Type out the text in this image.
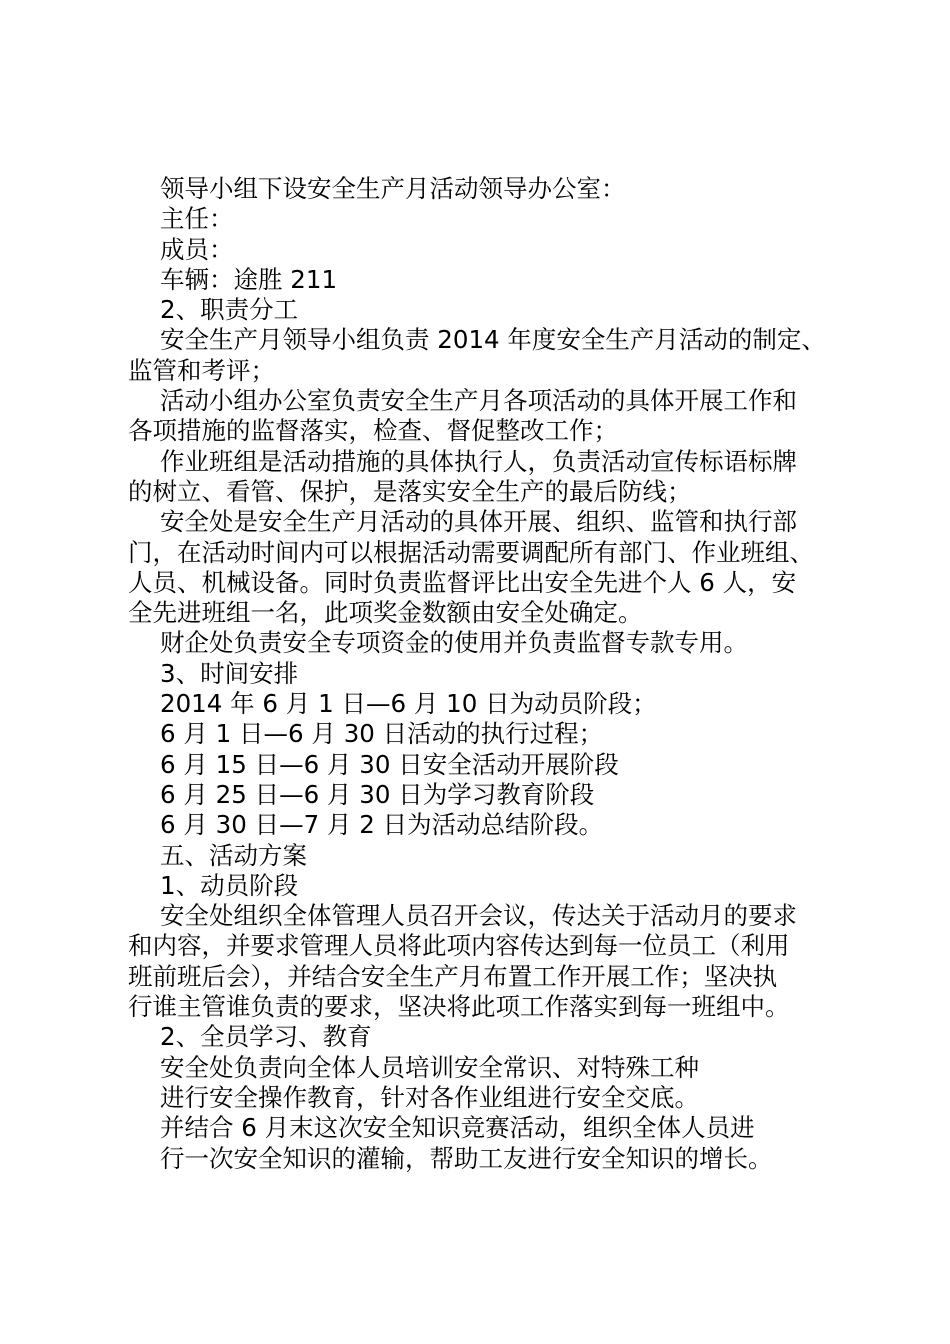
领导小组下设安全生产月活动领导办公室：

主任：

成员：

车辆：途胜 211

2、职责分工

安全生产月领导小组负责 2014 年度安全生产月活动的制定、

监管和考评；

活动小组办公室负责安全生产月各项活动的具体开展工作和

各项措施的监督落实，检查、督促整改工作；

作业班组是活动措施的具体执行人，负责活动宣传标语标牌

的树立、看管、保护，是落实安全生产的最后防线；

安全处是安全生产月活动的具体开展、组织、监管和执行部

门，在活动时间内可以根据活动需要调配所有部门、作业班组、

人员、机械设备。同时负责监督评比出安全先进个人 6 人，安

全先进班组一名，此项奖金数额由安全处确定。

财企处负责安全专项资金的使用并负责监督专款专用。

3、时间安排

2014 年 6 月 1 日—6 月 10 日为动员阶段；

6 月 1 日—6 月 30 日活动的执行过程；

6 月 15 日—6 月 30 日安全活动开展阶段

6 月 25 日—6 月 30 日为学习教育阶段

6 月 30 日—7 月 2 日为活动总结阶段。

五、活动方案

1、动员阶段

安全处组织全体管理人员召开会议，传达关于活动月的要求

和内容，并要求管理人员将此项内容传达到每一位员工（利用

班前班后会），并结合安全生产月布置工作开展工作；坚决执

行谁主管谁负责的要求，坚决将此项工作落实到每一班组中。

2、全员学习、教育

安全处负责向全体人员培训安全常识、对特殊工种

进行安全操作教育，针对各作业组进行安全交底。

并结合 6 月末这次安全知识竞赛活动，组织全体人员进

行一次安全知识的灌输，帮助工友进行安全知识的增长。
